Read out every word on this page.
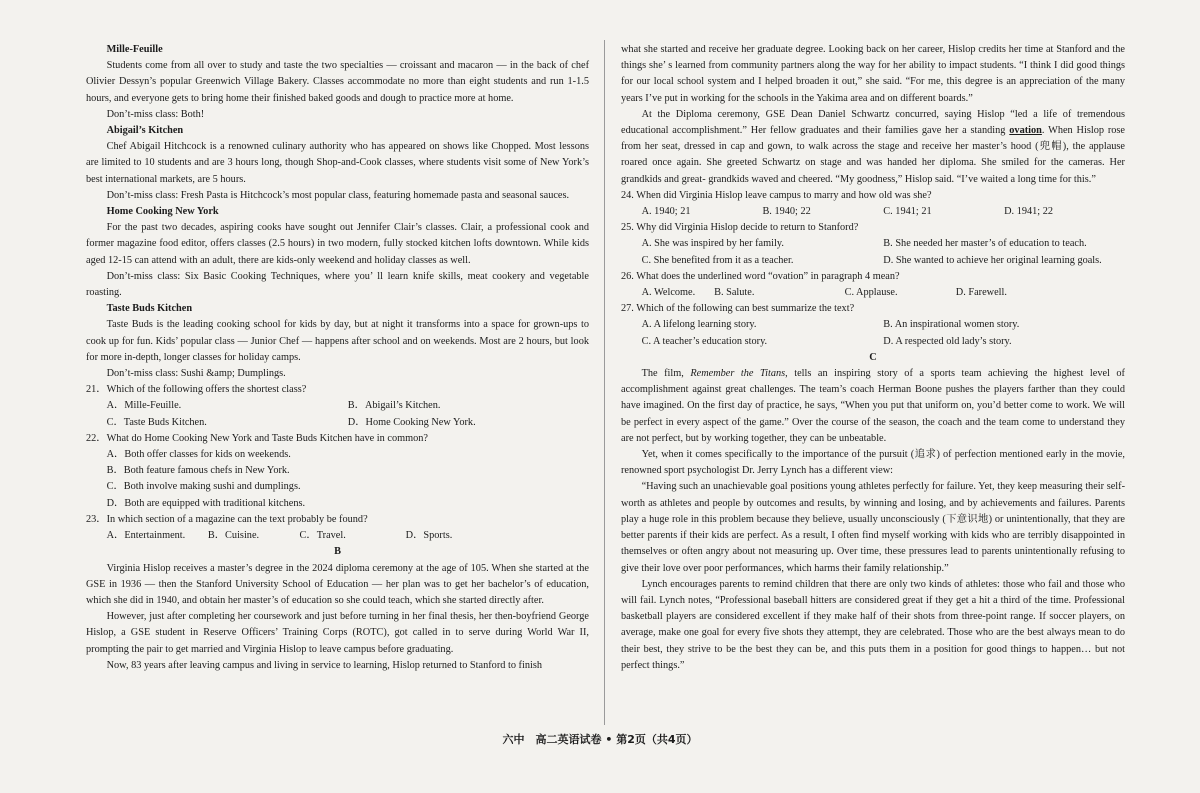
Mille-Feuille

Students come from all over to study and taste the two specialties — croissant and macaron — in the back of chef Olivier Dessyn’s popular Greenwich Village Bakery. Classes accommodate no more than eight students and run 1-1.5 hours, and everyone gets to bring home their finished baked goods and dough to practice more at home.

Don’t-miss class: Both!

Abigail’s Kitchen

Chef Abigail Hitchcock is a renowned culinary authority who has appeared on shows like Chopped. Most lessons are limited to 10 students and are 3 hours long, though Shop-and-Cook classes, where students visit some of New York’s best international markets, are 5 hours.

Don’t-miss class: Fresh Pasta is Hitchcock’s most popular class, featuring homemade pasta and seasonal sauces.

Home Cooking New York

For the past two decades, aspiring cooks have sought out Jennifer Clair’s classes. Clair, a professional cook and former magazine food editor, offers classes (2.5 hours) in two modern, fully stocked kitchen lofts downtown. While kids aged 12-15 can attend with an adult, there are kids-only weekend and holiday classes as well.

Don’t-miss class: Six Basic Cooking Techniques, where you’ ll learn knife skills, meat cookery and vegetable roasting.

Taste Buds Kitchen

Taste Buds is the leading cooking school for kids by day, but at night it transforms into a space for grown-ups to cook up for fun. Kids’ popular class — Junior Chef — happens after school and on weekends. Most are 2 hours, but look for more in-depth, longer classes for holiday camps.

Don’t-miss class: Sushi &amp; Dumplings.

21．Which of the following offers the shortest class?

A．Mille-Feuille.	B．Abigail’s Kitchen.
C．Taste Buds Kitchen.	D．Home Cooking New York.

22．What do Home Cooking New York and Taste Buds Kitchen have in common?

A．Both offer classes for kids on weekends.
B．Both feature famous chefs in New York.
C．Both involve making sushi and dumplings.
D．Both are equipped with traditional kitchens.

23．In which section of a magazine can the text probably be found?

A．Entertainment.	B．Cuisine.	C．Travel.	D．Sports.

B

Virginia Hislop receives a master’s degree in the 2024 diploma ceremony at the age of 105. When she started at the GSE in 1936 — then the Stanford University School of Education — her plan was to get her bachelor’s of education, which she did in 1940, and obtain her master’s of education so she could teach, which she started directly after.

However, just after completing her coursework and just before turning in her final thesis, her then-boyfriend George Hislop, a GSE student in Reserve Officers’ Training Corps (ROTC), got called in to serve during World War II, prompting the pair to get married and Virginia Hislop to leave campus before graduating.

Now, 83 years after leaving campus and living in service to learning, Hislop returned to Stanford to finish

what she started and receive her graduate degree. Looking back on her career, Hislop credits her time at Stanford and the things she’ s learned from community partners along the way for her ability to impact students. “I think I did good things for our local school system and I helped broaden it out,” she said. “For me, this degree is an appreciation of the many years I’ve put in working for the schools in the Yakima area and on different boards.”

At the Diploma ceremony, GSE Dean Daniel Schwartz concurred, saying Hislop “led a life of tremendous educational accomplishment.” Her fellow graduates and their families gave her a standing ovation. When Hislop rose from her seat, dressed in cap and gown, to walk across the stage and receive her master’s hood (兜帽), the applause roared once again. She greeted Schwartz on stage and was handed her diploma. She smiled for the cameras. Her grandkids and great- grandkids waved and cheered. “My goodness,” Hislop said. “I’ve waited a long time for this.”

24. When did Virginia Hislop leave campus to marry and how old was she?

A. 1940; 21	B. 1940; 22	C. 1941; 21	D. 1941; 22

25. Why did Virginia Hislop decide to return to Stanford?

A. She was inspired by her family.	B. She needed her master’s of education to teach.
C. She benefited from it as a teacher.	D. She wanted to achieve her original learning goals.

26. What does the underlined word “ovation” in paragraph 4 mean?

A. Welcome.	B. Salute.	C. Applause.	D. Farewell.

27. Which of the following can best summarize the text?

A. A lifelong learning story.	B. An inspirational women story.
C. A teacher’s education story.	D. A respected old lady’s story.

C

The film, Remember the Titans, tells an inspiring story of a sports team achieving the highest level of accomplishment against great challenges. The team’s coach Herman Boone pushes the players farther than they could have imagined. On the first day of practice, he says, “When you put that uniform on, you’d better come to work. We will be perfect in every aspect of the game.” Over the course of the season, the coach and the team come to understand they are not perfect, but by working together, they can be unbeatable.

Yet, when it comes specifically to the importance of the pursuit (追求) of perfection mentioned early in the movie, renowned sport psychologist Dr. Jerry Lynch has a different view:

“Having such an unachievable goal positions young athletes perfectly for failure. Yet, they keep measuring their self-worth as athletes and people by outcomes and results, by winning and losing, and by achievements and failures. Parents play a huge role in this problem because they believe, usually unconsciously (下意识地) or unintentionally, that they are better parents if their kids are perfect. As a result, I often find myself working with kids who are terribly disappointed in themselves or often angry about not measuring up. Over time, these pressures lead to parents unintentionally refusing to give their love over poor performances, which harms their family relationship.”

Lynch encourages parents to remind children that there are only two kinds of athletes: those who fail and those who will fail. Lynch notes, “Professional baseball hitters are considered great if they get a hit a third of the time. Professional basketball players are considered excellent if they make half of their shots from three-point range. If soccer players, on average, make one goal for every five shots they attempt, they are celebrated. Those who are the best always mean to do their best, they strive to be the best they can be, and this puts them in a position for good things to happen… but not perfect things.”

六中　高二英语试卷 • 第2页（共4页）
